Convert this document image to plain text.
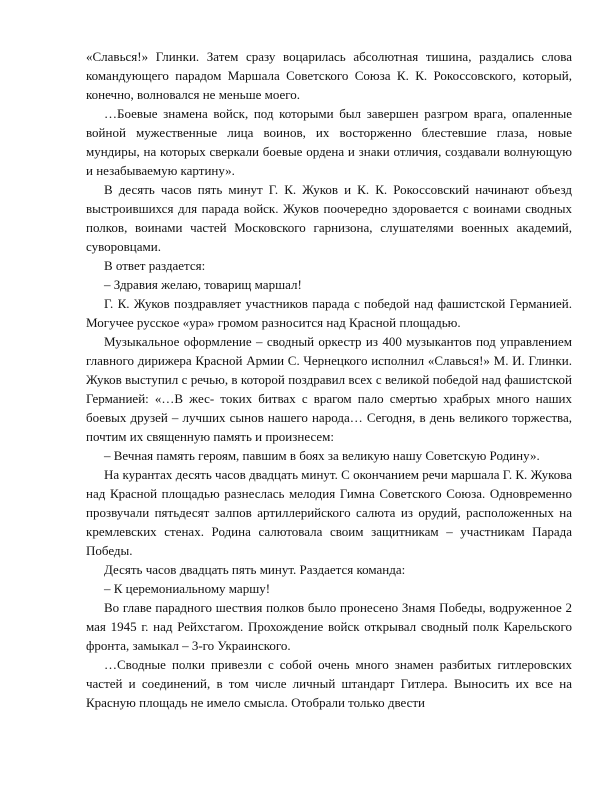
«Славься!» Глинки. Затем сразу воцарилась абсолютная тишина, раздались слова командующего парадом Маршала Советского Союза К. К. Рокоссовского, который, конечно, волновался не меньше моего.

…Боевые знамена войск, под которыми был завершен разгром врага, опаленные войной мужественные лица воинов, их восторженно блестевшие глаза, новые мундиры, на которых сверкали боевые ордена и знаки отличия, создавали волнующую и незабываемую картину».

В десять часов пять минут Г. К. Жуков и К. К. Рокоссовский начинают объезд выстроившихся для парада войск. Жуков поочередно здоровается с воинами сводных полков, воинами частей Московского гарнизона, слушателями военных академий, суворовцами.

В ответ раздается:

– Здравия желаю, товарищ маршал!

Г. К. Жуков поздравляет участников парада с победой над фашистской Германией. Могучее русское «ура» громом разносится над Красной площадью.

Музыкальное оформление – сводный оркестр из 400 музыкантов под управлением главного дирижера Красной Армии С. Чернецкого исполнил «Славься!» М. И. Глинки. Жуков выступил с речью, в которой поздравил всех с великой победой над фашистской Германией: «…В жес- токих битвах с врагом пало смертью храбрых много наших боевых друзей – лучших сынов нашего народа… Сегодня, в день великого торжества, почтим их священную память и произнесем:

– Вечная память героям, павшим в боях за великую нашу Советскую Родину».

На курантах десять часов двадцать минут. С окончанием речи маршала Г. К. Жукова над Красной площадью разнеслась мелодия Гимна Советского Союза. Одновременно прозвучали пятьдесят залпов артиллерийского салюта из орудий, расположенных на кремлевских стенах. Родина салютовала своим защитникам – участникам Парада Победы.

Десять часов двадцать пять минут. Раздается команда:

– К церемониальному маршу!

Во главе парадного шествия полков было пронесено Знамя Победы, водруженное 2 мая 1945 г. над Рейхстагом. Прохождение войск открывал сводный полк Карельского фронта, замыкал – 3-го Украинского.

…Сводные полки привезли с собой очень много знамен разбитых гитлеровских частей и соединений, в том числе личный штандарт Гитлера. Выносить их все на Красную площадь не имело смысла. Отобрали только двести
